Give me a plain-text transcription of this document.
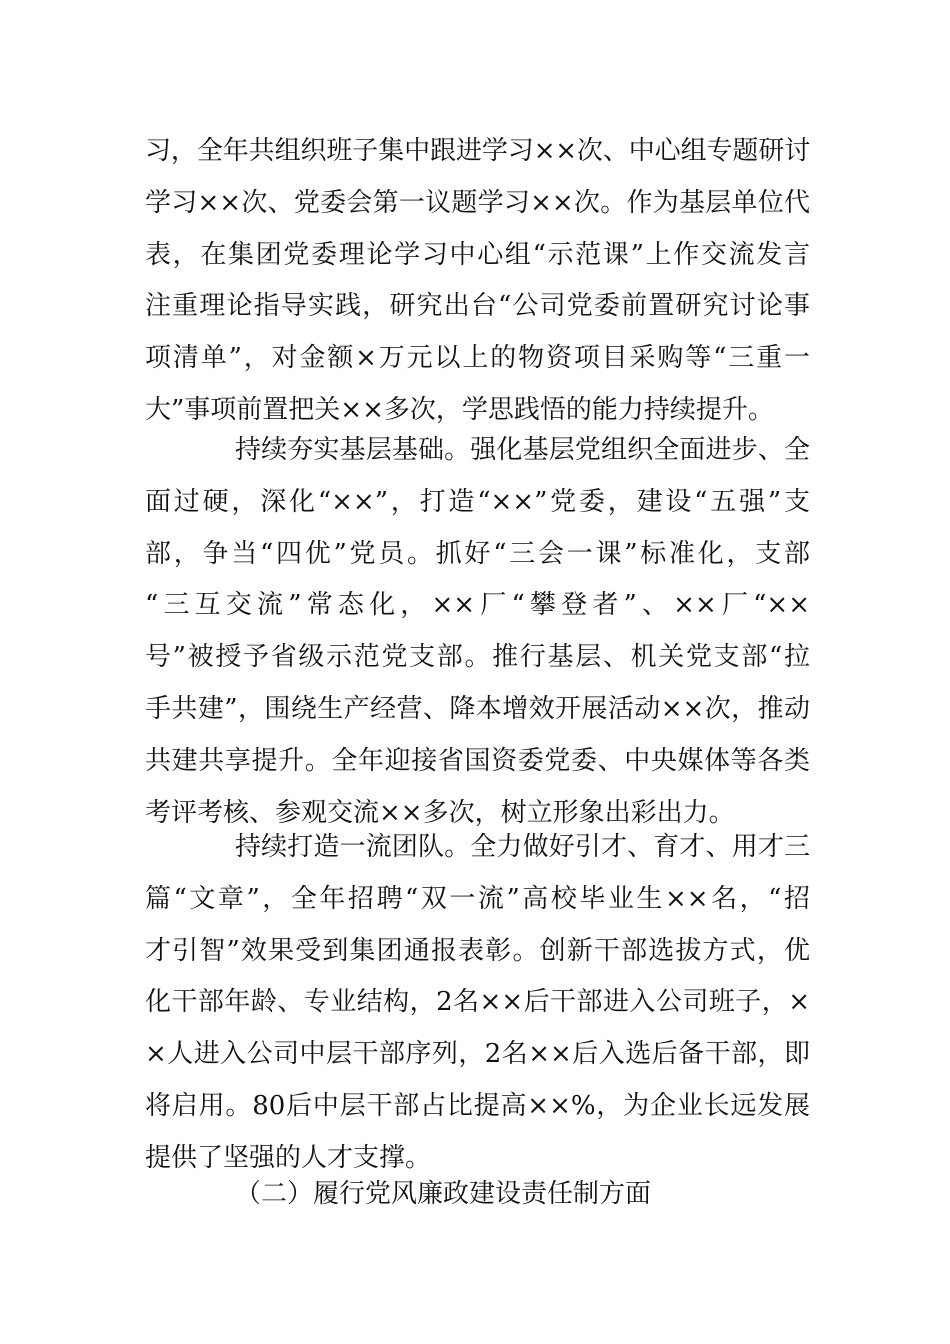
习，全年共组织班子集中跟进学习××次、中心组专题研讨
学习××次、党委会第一议题学习××次。作为基层单位代
表，在集团党委理论学习中心组“示范课”上作交流发言
注重理论指导实践，研究出台“公司党委前置研究讨论事
项清单”，对金额×万元以上的物资项目采购等“三重一
大”事项前置把关××多次，学思践悟的能力持续提升。
持续夯实基层基础。强化基层党组织全面进步、全
面过硬，深化“××”，打造“××”党委，建设“五强”支
部，争当“四优”党员。抓好“三会一课”标准化，支部
“三互交流”常态化，××厂“攀登者”、××厂“××
号”被授予省级示范党支部。推行基层、机关党支部“拉
手共建”，围绕生产经营、降本增效开展活动××次，推动
共建共享提升。全年迎接省国资委党委、中央媒体等各类
考评考核、参观交流××多次，树立形象出彩出力。
持续打造一流团队。全力做好引才、育才、用才三
篇“文章”，全年招聘“双一流”高校毕业生××名，“招
才引智”效果受到集团通报表彰。创新干部选拔方式，优
化干部年龄、专业结构，2名××后干部进入公司班子，×
×人进入公司中层干部序列，2名××后入选后备干部，即
将启用。80后中层干部占比提高××%，为企业长远发展
提供了坚强的人才支撑。
（二）履行党风廉政建设责任制方面
